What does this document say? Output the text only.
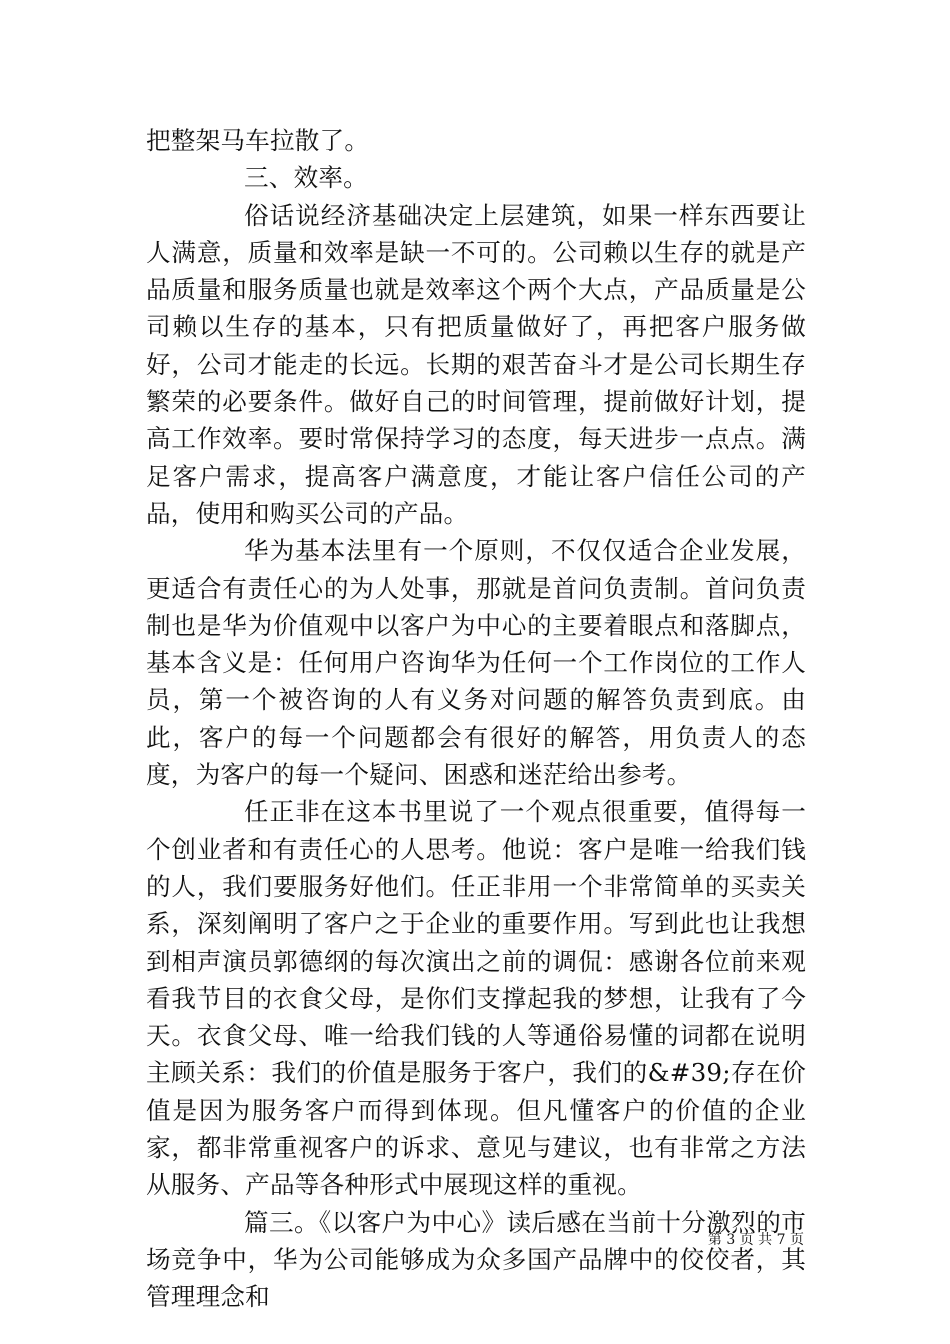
把整架马车拉散了。

三、效率。

俗话说经济基础决定上层建筑，如果一样东西要让人满意，质量和效率是缺一不可的。公司赖以生存的就是产品质量和服务质量也就是效率这个两个大点，产品质量是公司赖以生存的基本，只有把质量做好了，再把客户服务做好，公司才能走的长远。长期的艰苦奋斗才是公司长期生存繁荣的必要条件。做好自己的时间管理，提前做好计划，提高工作效率。要时常保持学习的态度，每天进步一点点。满足客户需求，提高客户满意度，才能让客户信任公司的产品，使用和购买公司的产品。

华为基本法里有一个原则，不仅仅适合企业发展，更适合有责任心的为人处事，那就是首问负责制。首问负责制也是华为价值观中以客户为中心的主要着眼点和落脚点，基本含义是：任何用户咨询华为任何一个工作岗位的工作人员，第一个被咨询的人有义务对问题的解答负责到底。由此，客户的每一个问题都会有很好的解答，用负责人的态度，为客户的每一个疑问、困惑和迷茫给出参考。

任正非在这本书里说了一个观点很重要，值得每一个创业者和有责任心的人思考。他说：客户是唯一给我们钱的人，我们要服务好他们。任正非用一个非常简单的买卖关系，深刻阐明了客户之于企业的重要作用。写到此也让我想到相声演员郭德纲的每次演出之前的调侃：感谢各位前来观看我节目的衣食父母，是你们支撑起我的梦想，让我有了今天。衣食父母、唯一给我们钱的人等通俗易懂的词都在说明主顾关系：我们的价值是服务于客户，我们的&#39;存在价值是因为服务客户而得到体现。但凡懂客户的价值的企业家，都非常重视客户的诉求、意见与建议，也有非常之方法从服务、产品等各种形式中展现这样的重视。

篇三。《以客户为中心》读后感在当前十分激烈的市场竞争中，华为公司能够成为众多国产品牌中的佼佼者，其管理理念和

第 3 页 共 7 页
